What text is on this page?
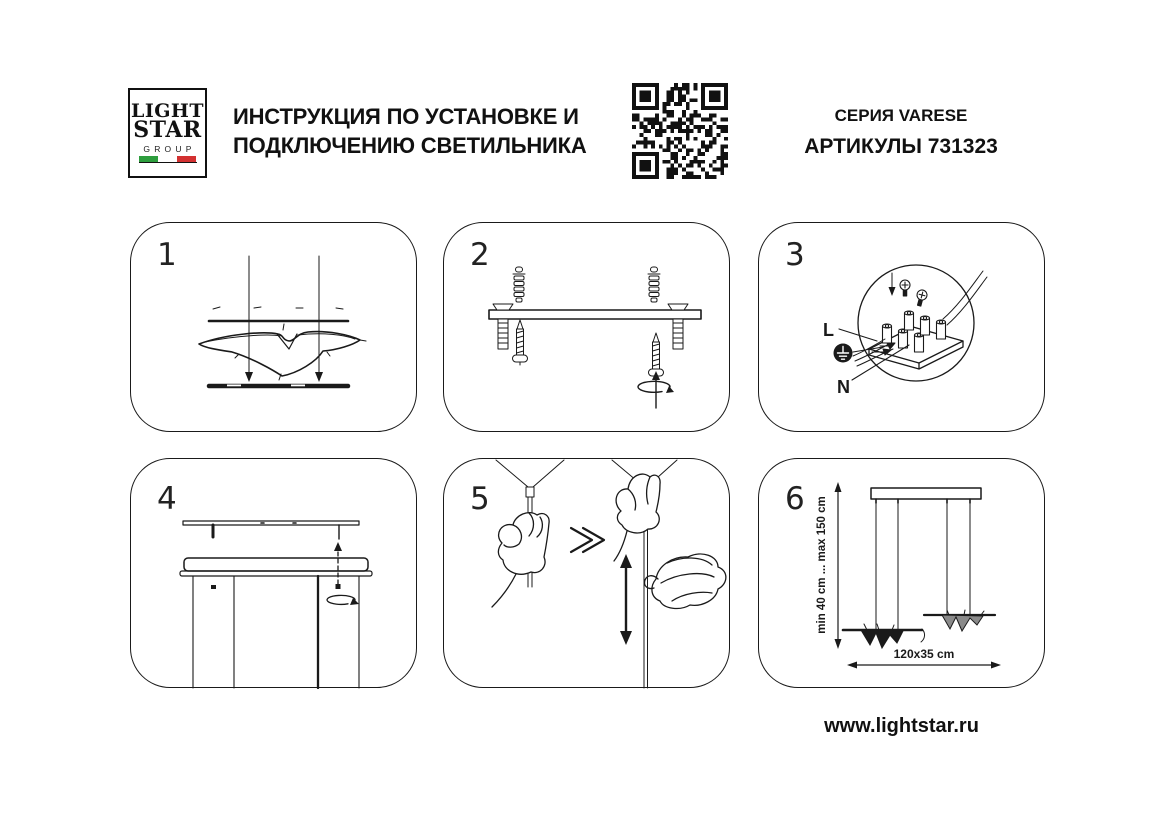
LIGHT
STAR
GROUP
ИНСТРУКЦИЯ ПО УСТАНОВКЕ И
ПОДКЛЮЧЕНИЮ СВЕТИЛЬНИКА
СЕРИЯ VARESE
АРТИКУЛЫ 731323
1	2	3
L
N
4	5	6 min 40 cm ... max 150 cm
120x35 cm
www.lightstar.ru
